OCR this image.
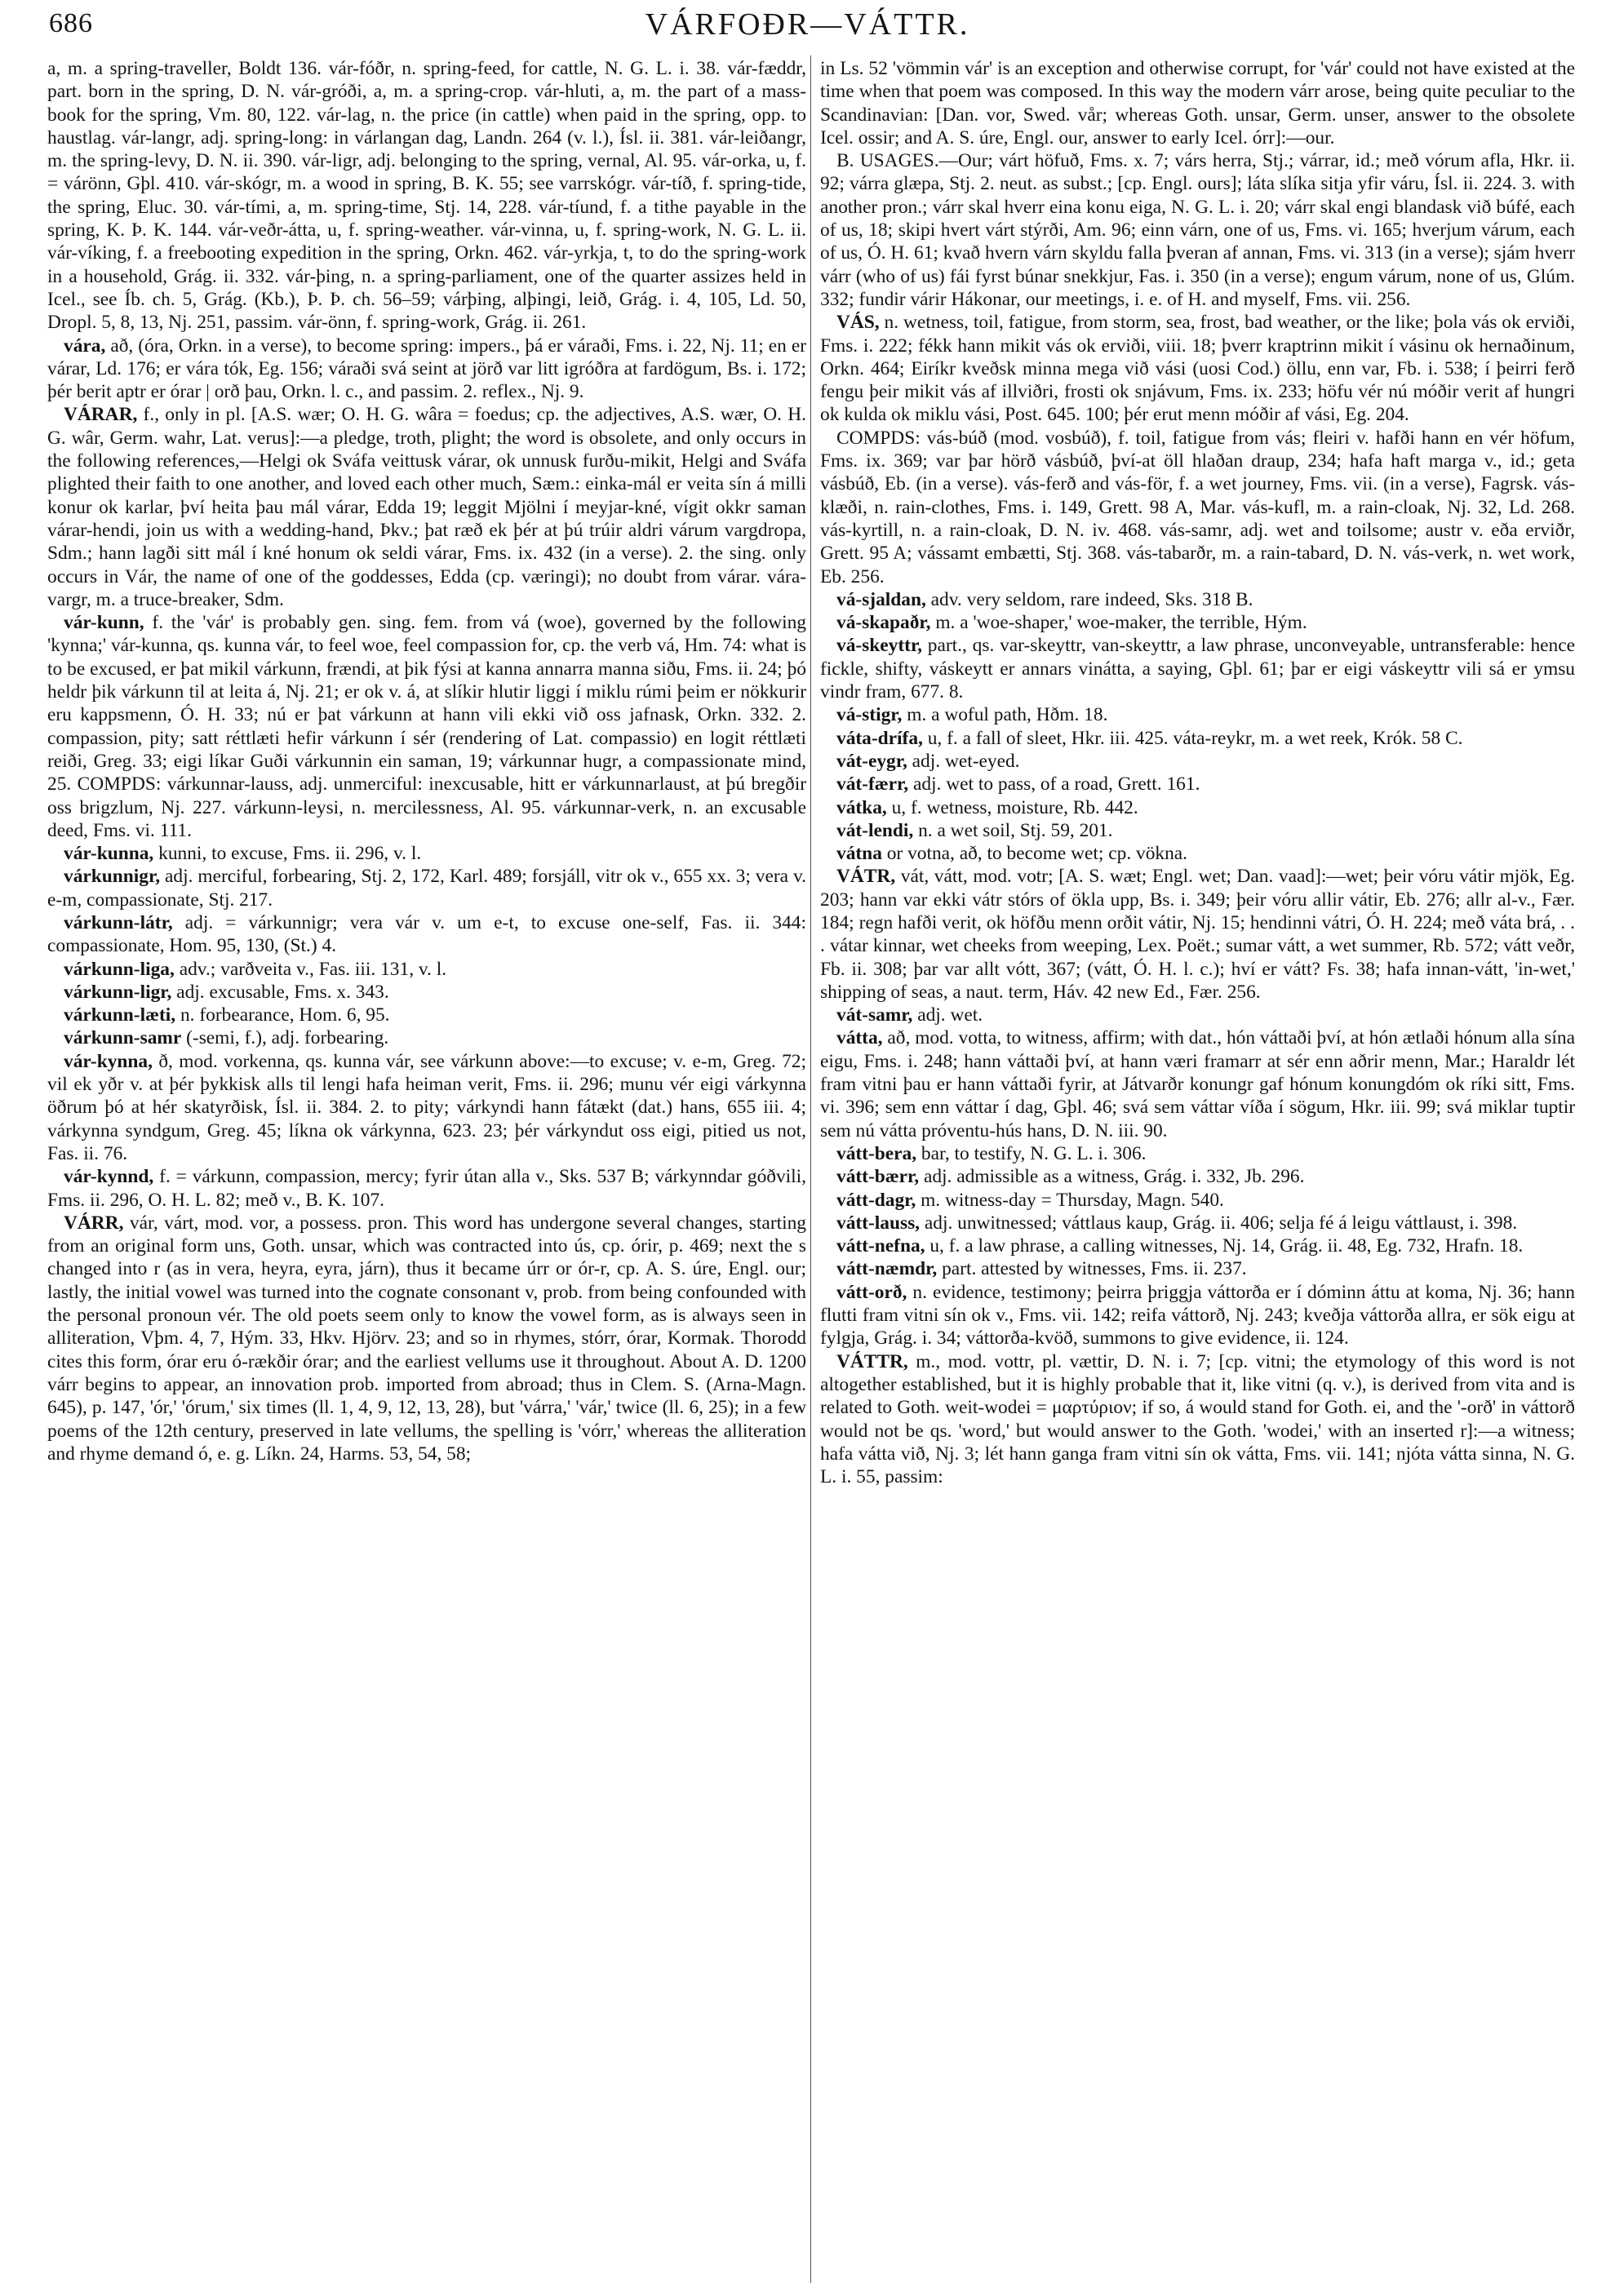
686	VÁRFOÐR—VÁTTR.

a, m. a spring-traveller, Boldt 136. vár-fóðr, n. spring-feed, for cattle, N. G. L. i. 38. vár-fæddr, part. born in the spring, D. N. vár-gróði, a, m. a spring-crop. vár-hluti, a, m. the part of a mass-book for the spring, Vm. 80, 122. vár-lag, n. the price (in cattle) when paid in the spring, opp. to haustlag. vár-langr, adj. spring-long: in várlangan dag, Landn. 264 (v. l.), Ísl. ii. 381. vár-leiðangr, m. the spring-levy, D. N. ii. 390. vár-ligr, adj. belonging to the spring, vernal, Al. 95. vár-orka, u, f. = várönn, Gþl. 410. vár-skógr, m. a wood in spring, B. K. 55; see varrskógr. vár-tíð, f. spring-tide, the spring, Eluc. 30. vár-tími, a, m. spring-time, Stj. 14, 228. vár-tíund, f. a tithe payable in the spring, K. Þ. K. 144. vár-veðr-átta, u, f. spring-weather. vár-vinna, u, f. spring-work, N. G. L. ii. vár-víking, f. a freebooting expedition in the spring, Orkn. 462. vár-yrkja, t, to do the spring-work in a household, Grág. ii. 332. vár-þing, n. a spring-parliament, one of the quarter assizes held in Icel., see Íb. ch. 5, Grág. (Kb.), Þ. Þ. ch. 56–59; várþing, alþingi, leið, Grág. i. 4, 105, Ld. 50, Dropl. 5, 8, 13, Nj. 251, passim. vár-önn, f. spring-work, Grág. ii. 261.

vára, að, (óra, Orkn. in a verse), to become spring: impers., þá er váraði, Fms. i. 22, Nj. 11; en er várar, Ld. 176; er vára tók, Eg. 156; váraði svá seint at jörð var litt igróðra at fardögum, Bs. i. 172; þér berit aptr er órar | orð þau, Orkn. l. c., and passim. 2. reflex., Nj. 9.

VÁRAR, f., only in pl. [A.S. wær; O. H. G. wâra = foedus; cp. the adjectives, A.S. wær, O. H. G. wâr, Germ. wahr, Lat. verus]:—a pledge, troth, plight; the word is obsolete, and only occurs in the following references,—Helgi ok Sváfa veittusk várar, ok unnusk furðu-mikit, Helgi and Sváfa plighted their faith to one another, and loved each other much, Sæm.: einka-mál er veita sín á milli konur ok karlar, því heita þau mál várar, Edda 19; leggit Mjölni í meyjar-kné, vígit okkr saman várar-hendi, join us with a wedding-hand, Þkv.; þat ræð ek þér at þú trúir aldri várum vargdropa, Sdm.; hann lagði sitt mál í kné honum ok seldi várar, Fms. ix. 432 (in a verse). 2. the sing. only occurs in Vár, the name of one of the goddesses, Edda (cp. væringi); no doubt from várar. vára-vargr, m. a truce-breaker, Sdm.

vár-kunn, f. the 'vár' is probably gen. sing. fem. from vá (woe), governed by the following 'kynna;' vár-kunna, qs. kunna vár, to feel woe, feel compassion for, cp. the verb vá, Hm. 74: what is to be excused, er þat mikil várkunn, frændi, at þik fýsi at kanna annarra manna siðu, Fms. ii. 24; þó heldr þik várkunn til at leita á, Nj. 21; er ok v. á, at slíkir hlutir liggi í miklu rúmi þeim er nökkurir eru kappsmenn, Ó. H. 33; nú er þat várkunn at hann vili ekki við oss jafnask, Orkn. 332. 2. compassion, pity; satt réttlæti hefir várkunn í sér (rendering of Lat. compassio) en logit réttlæti reiði, Greg. 33; eigi líkar Guði várkunnin ein saman, 19; várkunnar hugr, a compassionate mind, 25. COMPDS: várkunnar-lauss, adj. unmerciful: inexcusable, hitt er várkunnarlaust, at þú bregðir oss brigzlum, Nj. 227. várkunn-leysi, n. mercilessness, Al. 95. várkunnar-verk, n. an excusable deed, Fms. vi. 111.

vár-kunna, kunni, to excuse, Fms. ii. 296, v. l.

várkunnigr, adj. merciful, forbearing, Stj. 2, 172, Karl. 489; forsjáll, vitr ok v., 655 xx. 3; vera v. e-m, compassionate, Stj. 217.

várkunn-látr, adj. = várkunnigr; vera vár v. um e-t, to excuse one-self, Fas. ii. 344: compassionate, Hom. 95, 130, (St.) 4.

várkunn-liga, adv.; varðveita v., Fas. iii. 131, v. l.

várkunn-ligr, adj. excusable, Fms. x. 343.

várkunn-læti, n. forbearance, Hom. 6, 95.

várkunn-samr (-semi, f.), adj. forbearing.

vár-kynna, ð, mod. vorkenna, qs. kunna vár, see várkunn above:—to excuse; v. e-m, Greg. 72; vil ek yðr v. at þér þykkisk alls til lengi hafa heiman verit, Fms. ii. 296; munu vér eigi várkynna öðrum þó at hér skatyrðisk, Ísl. ii. 384. 2. to pity; várkyndi hann fátækt (dat.) hans, 655 iii. 4; várkynna syndgum, Greg. 45; líkna ok várkynna, 623. 23; þér várkyndut oss eigi, pitied us not, Fas. ii. 76.

vár-kynnd, f. = várkunn, compassion, mercy; fyrir útan alla v., Sks. 537 B; várkynndar góðvili, Fms. ii. 296, O. H. L. 82; með v., B. K. 107.

VÁRR, vár, várt, mod. vor, a possess. pron. This word has undergone several changes, starting from an original form uns, Goth. unsar, which was contracted into ús, cp. órir, p. 469; next the s changed into r (as in vera, heyra, eyra, járn), thus it became úrr or ór-r, cp. A. S. úre, Engl. our; lastly, the initial vowel was turned into the cognate consonant v, prob. from being confounded with the personal pronoun vér. The old poets seem only to know the vowel form, as is always seen in alliteration, Vþm. 4, 7, Hým. 33, Hkv. Hjörv. 23; and so in rhymes, stórr, órar, Kormak. Thorodd cites this form, órar eru ó-rækðir órar; and the earliest vellums use it throughout. About A. D. 1200 várr begins to appear, an innovation prob. imported from abroad; thus in Clem. S. (Arna-Magn. 645), p. 147, 'ór,' 'órum,' six times (ll. 1, 4, 9, 12, 13, 28), but 'várra,' 'vár,' twice (ll. 6, 25); in a few poems of the 12th century, preserved in late vellums, the spelling is 'vórr,' whereas the alliteration and rhyme demand ó, e. g. Líkn. 24, Harms. 53, 54, 58;

in Ls. 52 'vömmin vár' is an exception and otherwise corrupt, for 'vár' could not have existed at the time when that poem was composed. In this way the modern várr arose, being quite peculiar to the Scandinavian: [Dan. vor, Swed. vår; whereas Goth. unsar, Germ. unser, answer to the obsolete Icel. ossir; and A. S. úre, Engl. our, answer to early Icel. órr]:—our.

B. USAGES.—Our; várt höfuð, Fms. x. 7; várs herra, Stj.; várrar, id.; með vórum afla, Hkr. ii. 92; várra glæpa, Stj. 2. neut. as subst.; [cp. Engl. ours]; láta slíka sitja yfir váru, Ísl. ii. 224. 3. with another pron.; várr skal hverr eina konu eiga, N. G. L. i. 20; várr skal engi blandask við búfé, each of us, 18; skipi hvert várt stýrði, Am. 96; einn várn, one of us, Fms. vi. 165; hverjum várum, each of us, Ó. H. 61; kvað hvern várn skyldu falla þveran af annan, Fms. vi. 313 (in a verse); sjám hverr várr (who of us) fái fyrst búnar snekkjur, Fas. i. 350 (in a verse); engum várum, none of us, Glúm. 332; fundir várir Hákonar, our meetings, i. e. of H. and myself, Fms. vii. 256.

VÁS, n. wetness, toil, fatigue, from storm, sea, frost, bad weather, or the like; þola vás ok erviði, Fms. i. 222; fékk hann mikit vás ok erviði, viii. 18; þverr kraptrinn mikit í vásinu ok hernaðinum, Orkn. 464; Eiríkr kveðsk minna mega við vási (uosi Cod.) öllu, enn var, Fb. i. 538; í þeirri ferð fengu þeir mikit vás af illviðri, frosti ok snjávum, Fms. ix. 233; höfu vér nú móðir verit af hungri ok kulda ok miklu vási, Post. 645. 100; þér erut menn móðir af vási, Eg. 204.

COMPDS: vás-búð (mod. vosbúð), f. toil, fatigue from vás; fleiri v. hafði hann en vér höfum, Fms. ix. 369; var þar hörð vásbúð, því-at öll hlaðan draup, 234; hafa haft marga v., id.; geta vásbúð, Eb. (in a verse). vás-ferð and vás-för, f. a wet journey, Fms. vii. (in a verse), Fagrsk. vás-klæði, n. rain-clothes, Fms. i. 149, Grett. 98 A, Mar. vás-kufl, m. a rain-cloak, Nj. 32, Ld. 268. vás-kyrtill, n. a rain-cloak, D. N. iv. 468. vás-samr, adj. wet and toilsome; austr v. eða erviðr, Grett. 95 A; vássamt embætti, Stj. 368. vás-tabarðr, m. a rain-tabard, D. N. vás-verk, n. wet work, Eb. 256.

vá-sjaldan, adv. very seldom, rare indeed, Sks. 318 B.

vá-skapaðr, m. a 'woe-shaper,' woe-maker, the terrible, Hým.

vá-skeyttr, part., qs. var-skeyttr, van-skeyttr, a law phrase, unconveyable, untransferable: hence fickle, shifty, váskeytt er annars vinátta, a saying, Gþl. 61; þar er eigi váskeyttr vili sá er ymsu vindr fram, 677. 8.

vá-stigr, m. a woful path, Hðm. 18.

váta-drífa, u, f. a fall of sleet, Hkr. iii. 425. váta-reykr, m. a wet reek, Krók. 58 C.

vát-eygr, adj. wet-eyed.

vát-færr, adj. wet to pass, of a road, Grett. 161.

vátka, u, f. wetness, moisture, Rb. 442.

vát-lendi, n. a wet soil, Stj. 59, 201.

vátna or votna, að, to become wet; cp. vökna.

VÁTR, vát, vátt, mod. votr; [A. S. wæt; Engl. wet; Dan. vaad]:—wet; þeir vóru vátir mjök, Eg. 203; hann var ekki vátr stórs of ökla upp, Bs. i. 349; þeir vóru allir vátir, Eb. 276; allr al-v., Fær. 184; regn hafði verit, ok höfðu menn orðit vátir, Nj. 15; hendinni vátri, Ó. H. 224; með váta brá, . . . vátar kinnar, wet cheeks from weeping, Lex. Poët.; sumar vátt, a wet summer, Rb. 572; vátt veðr, Fb. ii. 308; þar var allt vótt, 367; (vátt, Ó. H. l. c.); hví er vátt? Fs. 38; hafa innan-vátt, 'in-wet,' shipping of seas, a naut. term, Háv. 42 new Ed., Fær. 256.

vát-samr, adj. wet.

vátta, að, mod. votta, to witness, affirm; with dat., hón váttaði því, at hón ætlaði hónum alla sína eigu, Fms. i. 248; hann váttaði því, at hann væri framarr at sér enn aðrir menn, Mar.; Haraldr lét fram vitni þau er hann váttaði fyrir, at Játvarðr konungr gaf hónum konungdóm ok ríki sitt, Fms. vi. 396; sem enn váttar í dag, Gþl. 46; svá sem váttar víða í sögum, Hkr. iii. 99; svá miklar tuptir sem nú vátta próventu-hús hans, D. N. iii. 90.

vátt-bera, bar, to testify, N. G. L. i. 306.

vátt-bærr, adj. admissible as a witness, Grág. i. 332, Jb. 296.

vátt-dagr, m. witness-day = Thursday, Magn. 540.

vátt-lauss, adj. unwitnessed; váttlaus kaup, Grág. ii. 406; selja fé á leigu váttlaust, i. 398.

vátt-nefna, u, f. a law phrase, a calling witnesses, Nj. 14, Grág. ii. 48, Eg. 732, Hrafn. 18.

vátt-næmdr, part. attested by witnesses, Fms. ii. 237.

vátt-orð, n. evidence, testimony; þeirra þriggja váttorða er í dóminn áttu at koma, Nj. 36; hann flutti fram vitni sín ok v., Fms. vii. 142; reifa váttorð, Nj. 243; kveðja váttorða allra, er sök eigu at fylgja, Grág. i. 34; váttorða-kvöð, summons to give evidence, ii. 124.

VÁTTR, m., mod. vottr, pl. vættir, D. N. i. 7; [cp. vitni; the etymology of this word is not altogether established, but it is highly probable that it, like vitni (q. v.), is derived from vita and is related to Goth. weit-wodei = μαρτύριον; if so, á would stand for Goth. ei, and the '-orð' in váttorð would not be qs. 'word,' but would answer to the Goth. 'wodei,' with an inserted r]:—a witness; hafa vátta við, Nj. 3; lét hann ganga fram vitni sín ok vátta, Fms. vii. 141; njóta vátta sinna, N. G. L. i. 55, passim:
